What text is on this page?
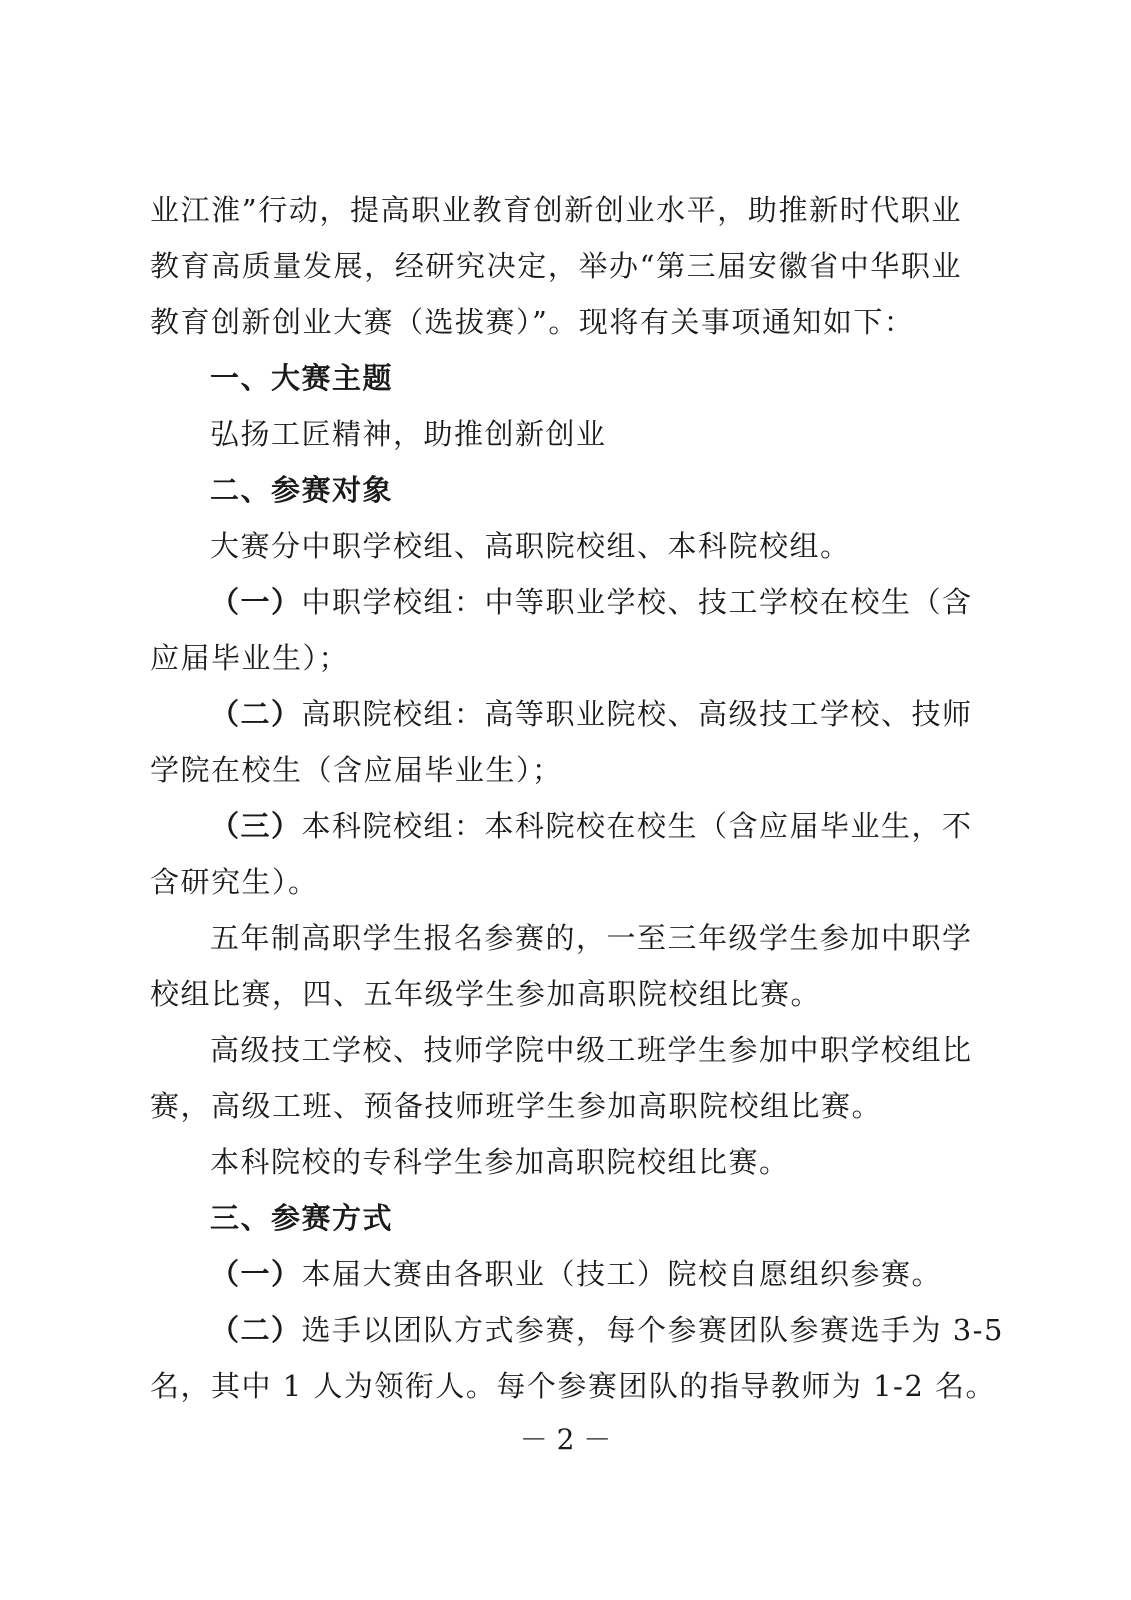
业江淮”行动，提高职业教育创新创业水平，助推新时代职业
教育高质量发展，经研究决定，举办“第三届安徽省中华职业
教育创新创业大赛（选拔赛）”。现将有关事项通知如下：
一、大赛主题
弘扬工匠精神，助推创新创业
二、参赛对象
大赛分中职学校组、高职院校组、本科院校组。
（一）中职学校组：中等职业学校、技工学校在校生（含
应届毕业生）；
（二）高职院校组：高等职业院校、高级技工学校、技师
学院在校生（含应届毕业生）；
（三）本科院校组：本科院校在校生（含应届毕业生，不
含研究生）。
五年制高职学生报名参赛的，一至三年级学生参加中职学
校组比赛，四、五年级学生参加高职院校组比赛。
高级技工学校、技师学院中级工班学生参加中职学校组比
赛，高级工班、预备技师班学生参加高职院校组比赛。
本科院校的专科学生参加高职院校组比赛。
三、参赛方式
（一）本届大赛由各职业（技工）院校自愿组织参赛。
（二）选手以团队方式参赛，每个参赛团队参赛选手为 3-5
名，其中 1 人为领衔人。每个参赛团队的指导教师为 1-2 名。
－ 2 －
